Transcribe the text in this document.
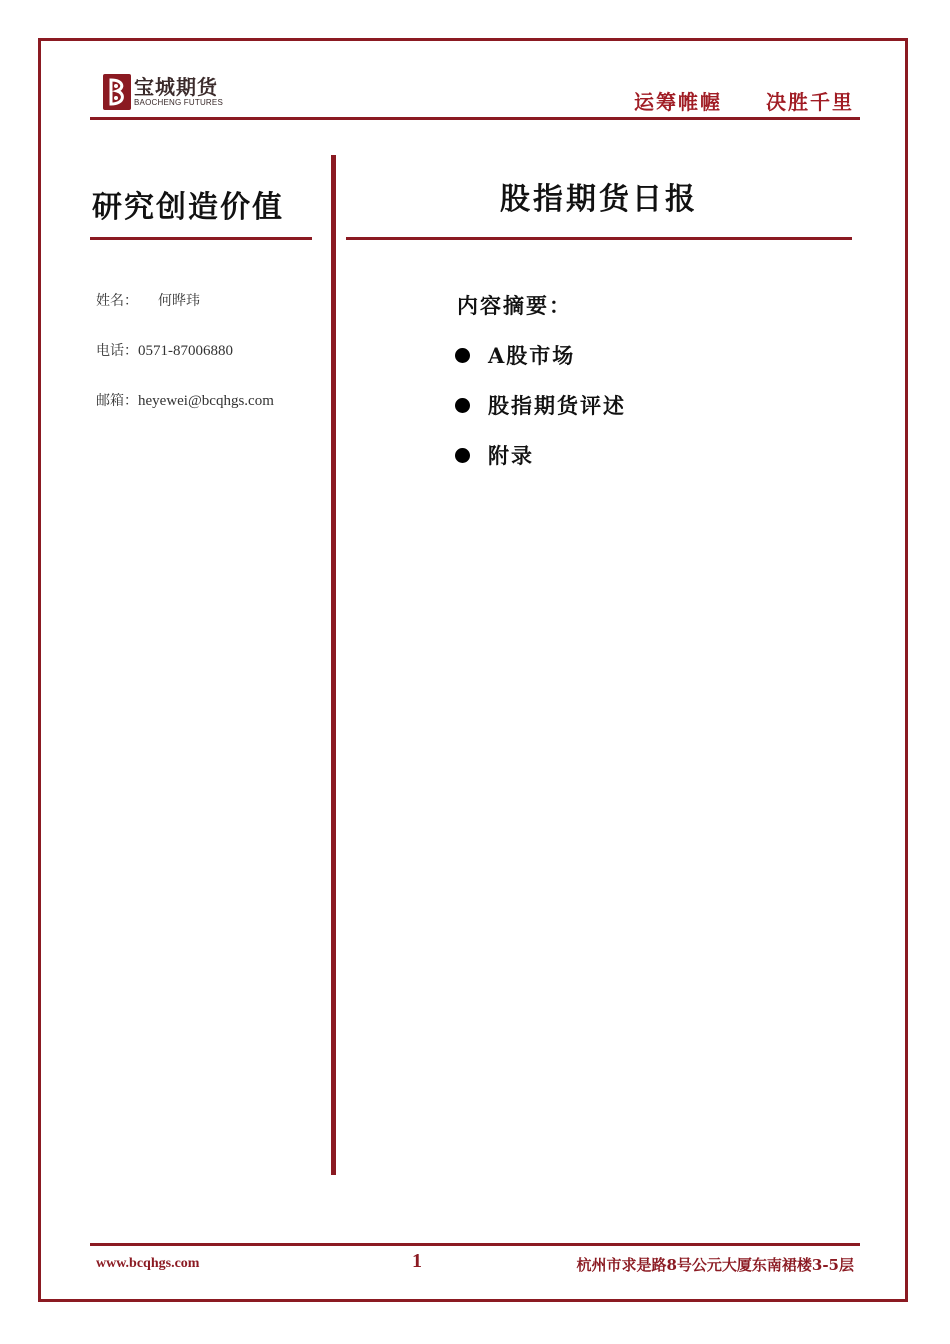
宝城期货
BAOCHENG FUTURES	运筹帷幄 决胜千里
研究创造价值	股指期货日报
姓名： 何晔玮
电话：0571-87006880
邮箱：heyewei@bcqhgs.com
内容摘要：
A股市场
股指期货评述
附录
www.bcqhgs.com	1	杭州市求是路8号公元大厦东南裙楼3-5层
